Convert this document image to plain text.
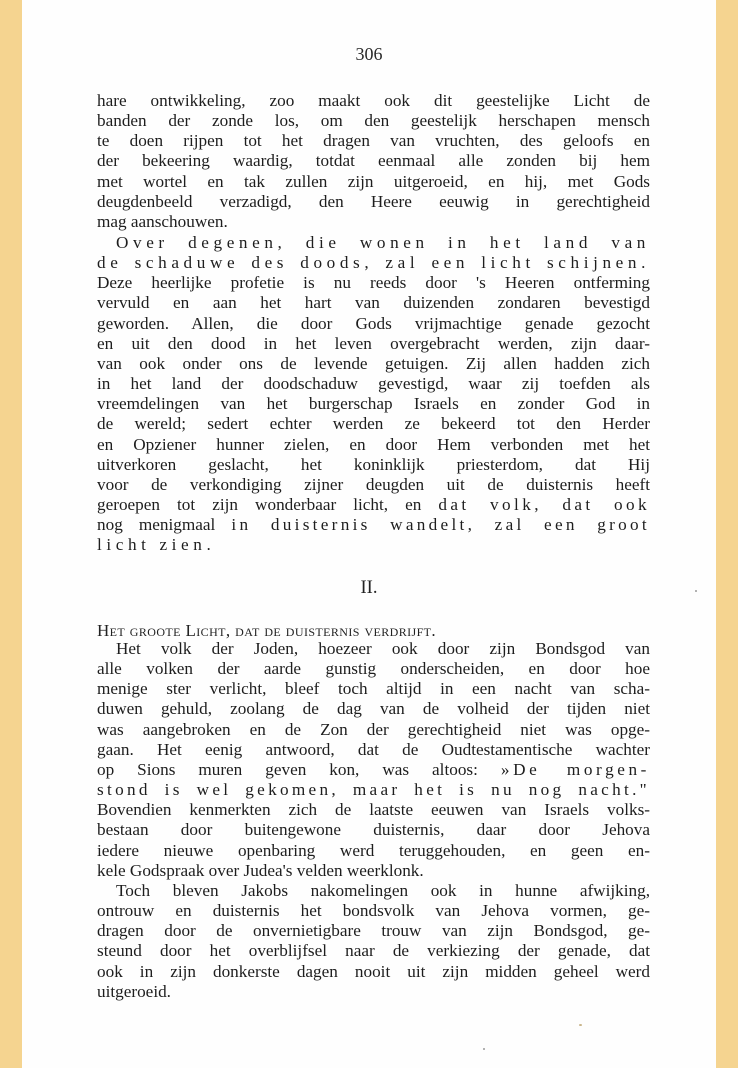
306
hare ontwikkeling, zoo maakt ook dit geestelijke Licht de
banden der zonde los, om den geestelijk herschapen mensch
te doen rijpen tot het dragen van vruchten, des geloofs en
der bekeering waardig, totdat eenmaal alle zonden bij hem
met wortel en tak zullen zijn uitgeroeid, en hij, met Gods
deugdenbeeld verzadigd, den Heere eeuwig in gerechtigheid
mag aanschouwen.
Over degenen, die wonen in het land van
de schaduwe des doods, zal een licht schijnen.
Deze heerlijke profetie is nu reeds door 's Heeren ontferming
vervuld en aan het hart van duizenden zondaren bevestigd
geworden. Allen, die door Gods vrijmachtige genade gezocht
en uit den dood in het leven overgebracht werden, zijn daar-
van ook onder ons de levende getuigen. Zij allen hadden zich
in het land der doodschaduw gevestigd, waar zij toefden als
vreemdelingen van het burgerschap Israels en zonder God in
de wereld; sedert echter werden ze bekeerd tot den Herder
en Opziener hunner zielen, en door Hem verbonden met het
uitverkoren geslacht, het koninklijk priesterdom, dat Hij
voor de verkondiging zijner deugden uit de duisternis heeft
geroepen tot zijn wonderbaar licht, en dat volk, dat ook
nog menigmaal in duisternis wandelt, zal een groot
licht zien.
II.
Het groote Licht, dat de duisternis verdrijft.
Het volk der Joden, hoezeer ook door zijn Bondsgod van
alle volken der aarde gunstig onderscheiden, en door hoe
menige ster verlicht, bleef toch altijd in een nacht van scha-
duwen gehuld, zoolang de dag van de volheid der tijden niet
was aangebroken en de Zon der gerechtigheid niet was opge-
gaan. Het eenig antwoord, dat de Oudtestamentische wachter
op Sions muren geven kon, was altoos: »De morgen-
stond is wel gekomen, maar het is nu nog nacht."
Bovendien kenmerkten zich de laatste eeuwen van Israels volks-
bestaan door buitengewone duisternis, daar door Jehova
iedere nieuwe openbaring werd teruggehouden, en geen en-
kele Godspraak over Judea's velden weerklonk.
Toch bleven Jakobs nakomelingen ook in hunne afwijking,
ontrouw en duisternis het bondsvolk van Jehova vormen, ge-
dragen door de onvernietigbare trouw van zijn Bondsgod, ge-
steund door het overblijfsel naar de verkiezing der genade, dat
ook in zijn donkerste dagen nooit uit zijn midden geheel werd
uitgeroeid.
